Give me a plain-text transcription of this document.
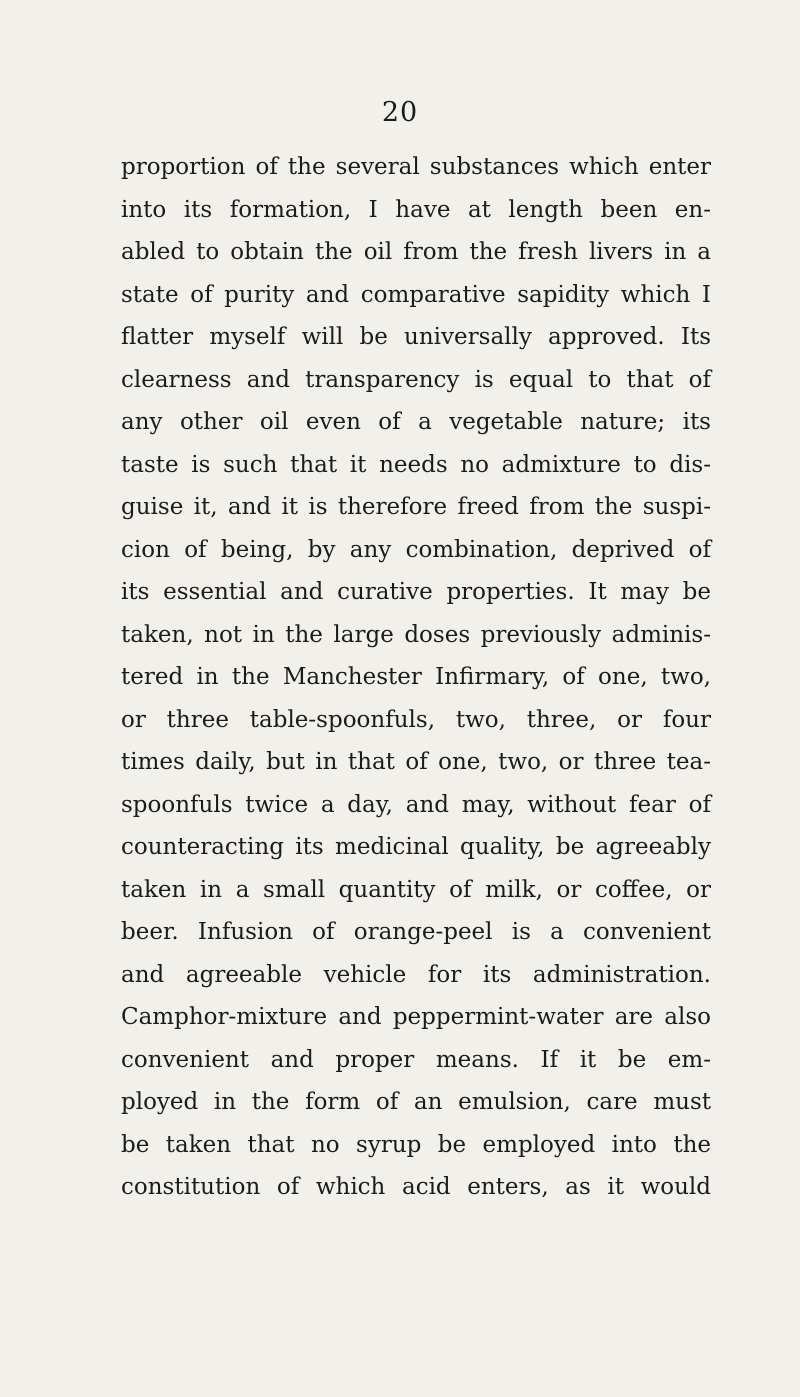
20
proportion of the several substances which enter
into its formation, I have at length been en-
abled to obtain the oil from the fresh livers in a
state of purity and comparative sapidity which I
flatter myself will be universally approved. Its
clearness and transparency is equal to that of
any other oil even of a vegetable nature; its
taste is such that it needs no admixture to dis-
guise it, and it is therefore freed from the suspi-
cion of being, by any combination, deprived of
its essential and curative properties. It may be
taken, not in the large doses previously adminis-
tered in the Manchester Infirmary, of one, two,
or three table-spoonfuls, two, three, or four
times daily, but in that of one, two, or three tea-
spoonfuls twice a day, and may, without fear of
counteracting its medicinal quality, be agreeably
taken in a small quantity of milk, or coffee, or
beer. Infusion of orange-peel is a convenient
and agreeable vehicle for its administration.
Camphor-mixture and peppermint-water are also
convenient and proper means. If it be em-
ployed in the form of an emulsion, care must
be taken that no syrup be employed into the
constitution of which acid enters, as it would
